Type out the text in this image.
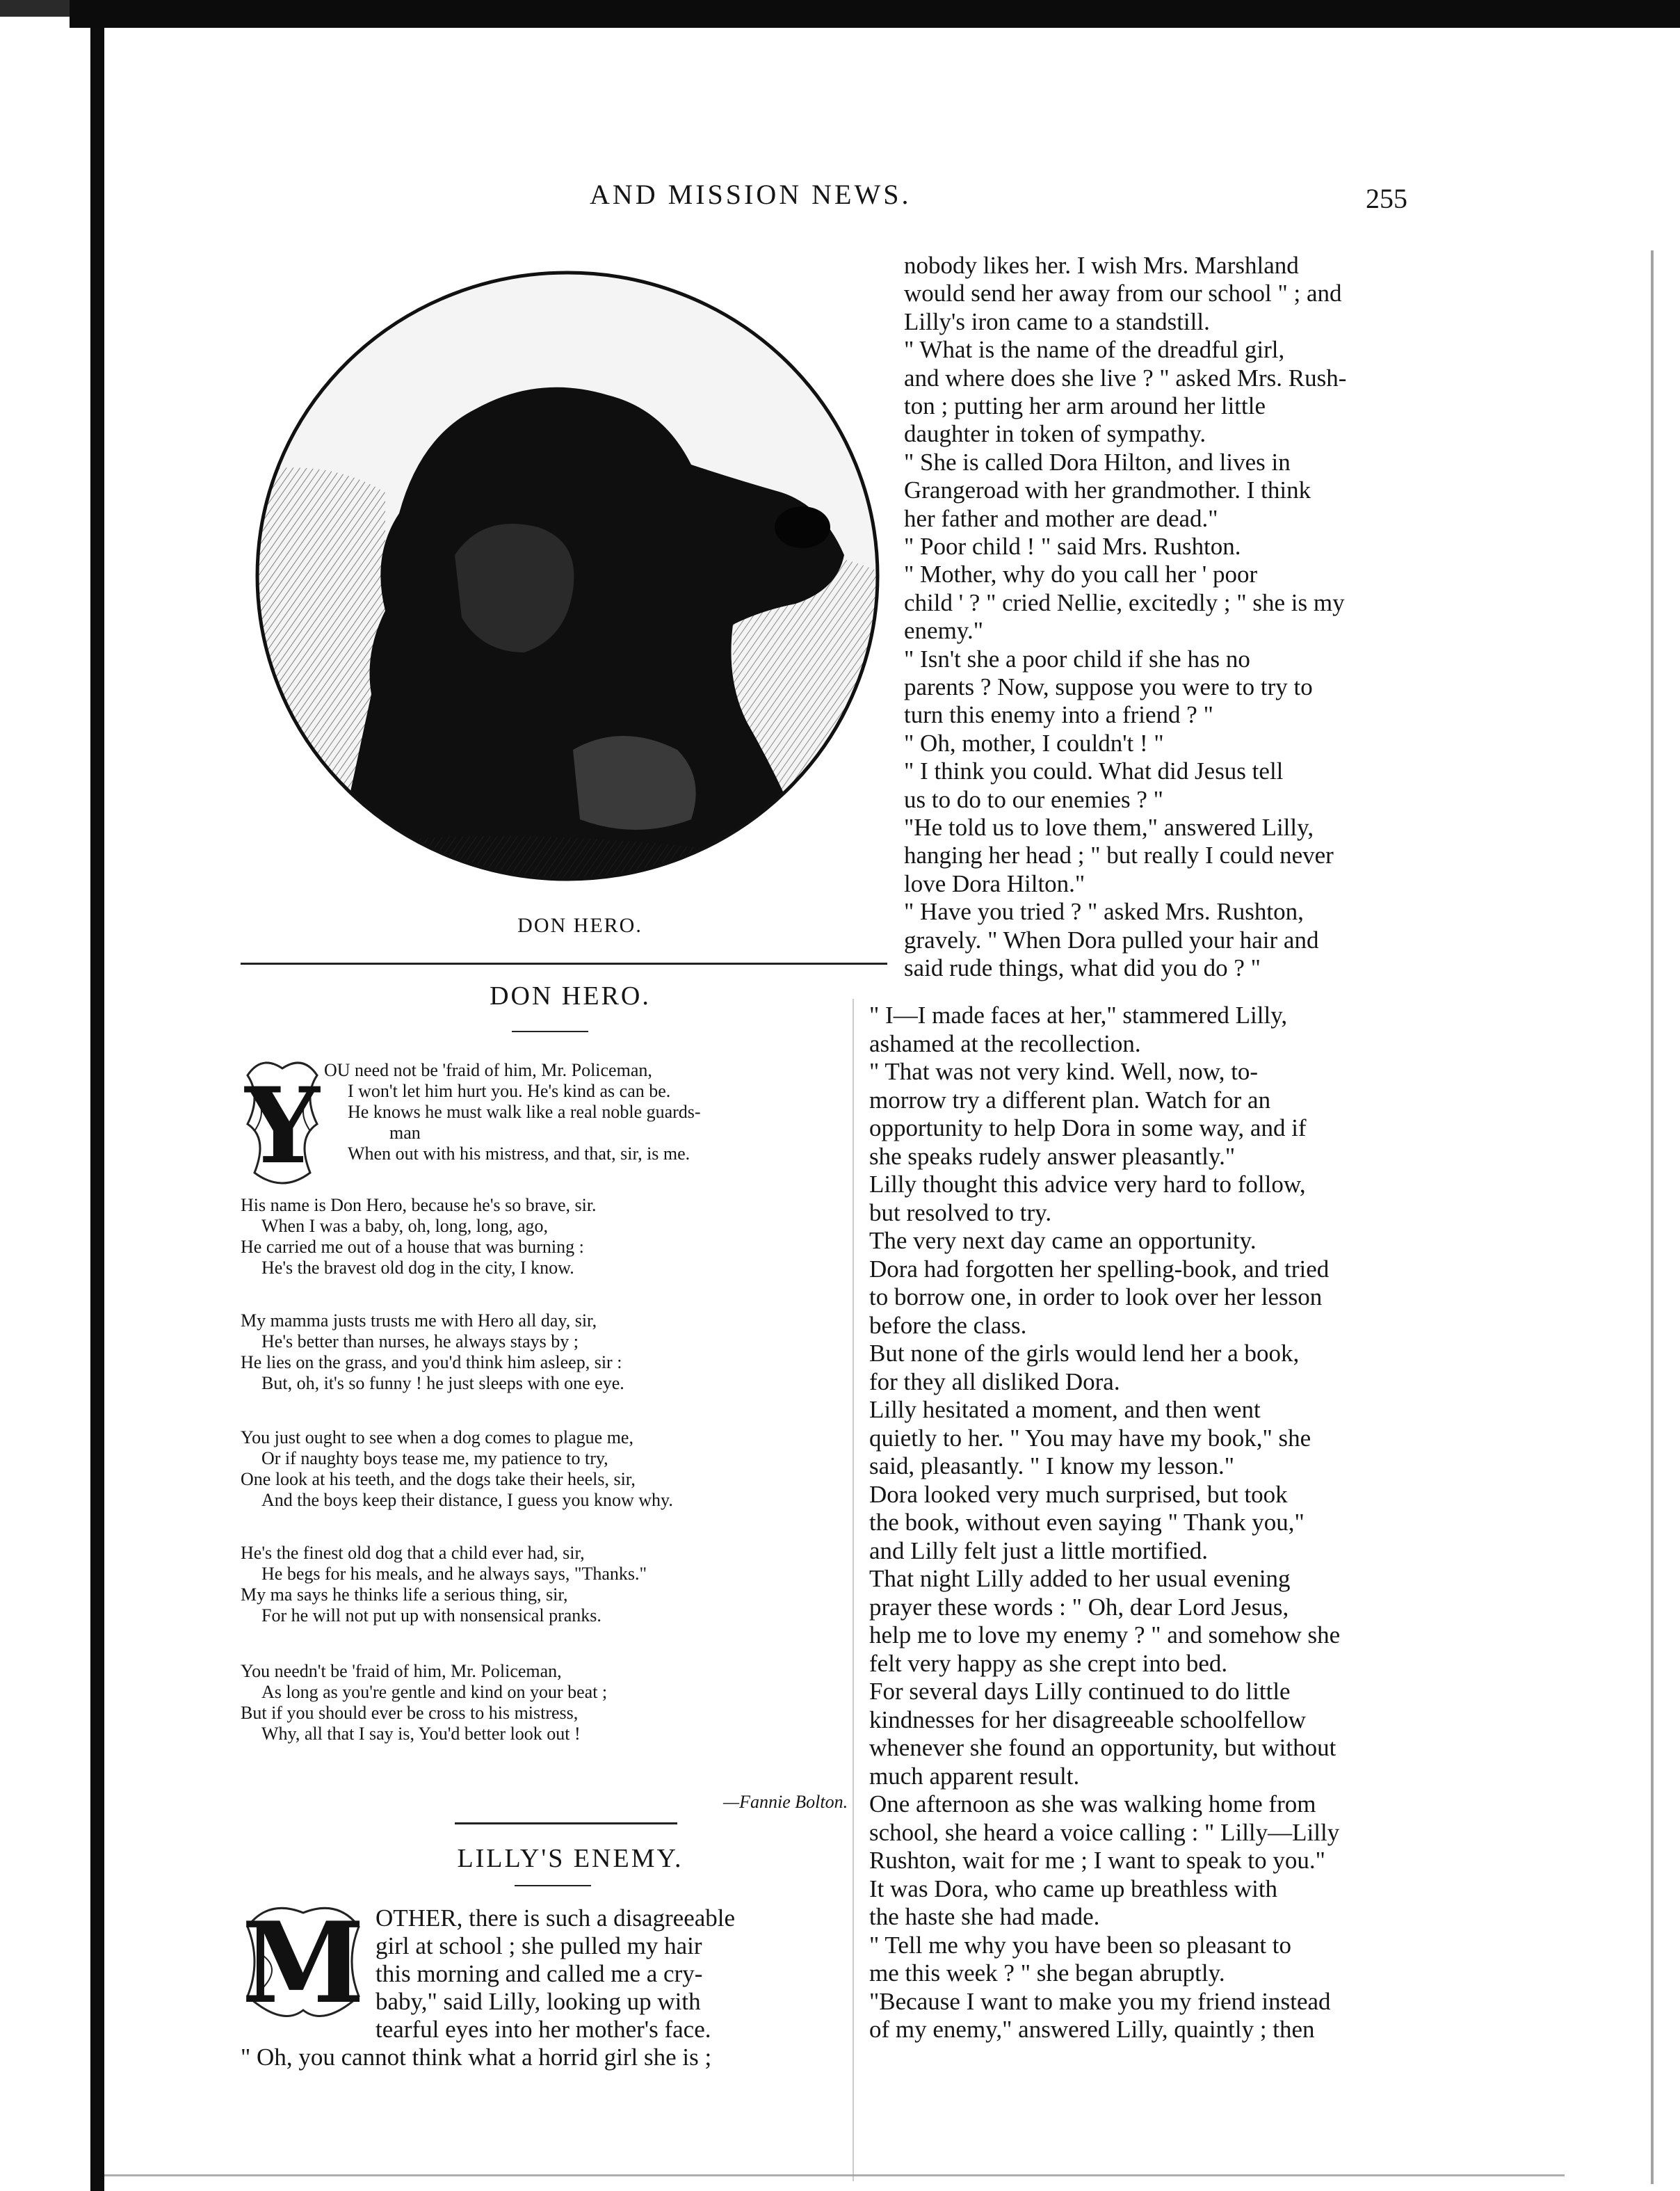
AND MISSION NEWS.	255
DON HERO.
DON HERO.
Y OU need not be 'fraid of him, Mr. Policeman,
I won't let him hurt you. He's kind as can be.
He knows he must walk like a real noble guards-
man
When out with his mistress, and that, sir, is me.
His name is Don Hero, because he's so brave, sir.
When I was a baby, oh, long, long, ago,
He carried me out of a house that was burning :
He's the bravest old dog in the city, I know.
My mamma justs trusts me with Hero all day, sir,
He's better than nurses, he always stays by ;
He lies on the grass, and you'd think him asleep, sir :
But, oh, it's so funny ! he just sleeps with one eye.
You just ought to see when a dog comes to plague me,
Or if naughty boys tease me, my patience to try,
One look at his teeth, and the dogs take their heels, sir,
And the boys keep their distance, I guess you know why.
He's the finest old dog that a child ever had, sir,
He begs for his meals, and he always says, "Thanks."
My ma says he thinks life a serious thing, sir,
For he will not put up with nonsensical pranks.
You needn't be 'fraid of him, Mr. Policeman,
As long as you're gentle and kind on your beat ;
But if you should ever be cross to his mistress,
Why, all that I say is, You'd better look out !
—Fannie Bolton.
LILLY'S ENEMY.
M OTHER, there is such a disagreeable
girl at school ; she pulled my hair
this morning and called me a cry-
baby," said Lilly, looking up with
tearful eyes into her mother's face.
" Oh, you cannot think what a horrid girl she is ;
nobody likes her. I wish Mrs. Marshland
would send her away from our school " ; and
Lilly's iron came to a standstill.
" What is the name of the dreadful girl,
and where does she live ? " asked Mrs. Rush-
ton ; putting her arm around her little
daughter in token of sympathy.
" She is called Dora Hilton, and lives in
Grangeroad with her grandmother. I think
her father and mother are dead."
" Poor child ! " said Mrs. Rushton.
" Mother, why do you call her ' poor
child ' ? " cried Nellie, excitedly ; " she is my
enemy."
" Isn't she a poor child if she has no
parents ? Now, suppose you were to try to
turn this enemy into a friend ? "
" Oh, mother, I couldn't ! "
" I think you could. What did Jesus tell
us to do to our enemies ? "
"He told us to love them," answered Lilly,
hanging her head ; " but really I could never
love Dora Hilton."
" Have you tried ? " asked Mrs. Rushton,
gravely. " When Dora pulled your hair and
said rude things, what did you do ? "
" I—I made faces at her," stammered Lilly,
ashamed at the recollection.
" That was not very kind. Well, now, to-
morrow try a different plan. Watch for an
opportunity to help Dora in some way, and if
she speaks rudely answer pleasantly."
Lilly thought this advice very hard to follow,
but resolved to try.
The very next day came an opportunity.
Dora had forgotten her spelling-book, and tried
to borrow one, in order to look over her lesson
before the class.
But none of the girls would lend her a book,
for they all disliked Dora.
Lilly hesitated a moment, and then went
quietly to her. " You may have my book," she
said, pleasantly. " I know my lesson."
Dora looked very much surprised, but took
the book, without even saying " Thank you,"
and Lilly felt just a little mortified.
That night Lilly added to her usual evening
prayer these words : " Oh, dear Lord Jesus,
help me to love my enemy ? " and somehow she
felt very happy as she crept into bed.
For several days Lilly continued to do little
kindnesses for her disagreeable schoolfellow
whenever she found an opportunity, but without
much apparent result.
One afternoon as she was walking home from
school, she heard a voice calling : " Lilly—Lilly
Rushton, wait for me ; I want to speak to you."
It was Dora, who came up breathless with
the haste she had made.
" Tell me why you have been so pleasant to
me this week ? " she began abruptly.
"Because I want to make you my friend instead
of my enemy," answered Lilly, quaintly ; then
